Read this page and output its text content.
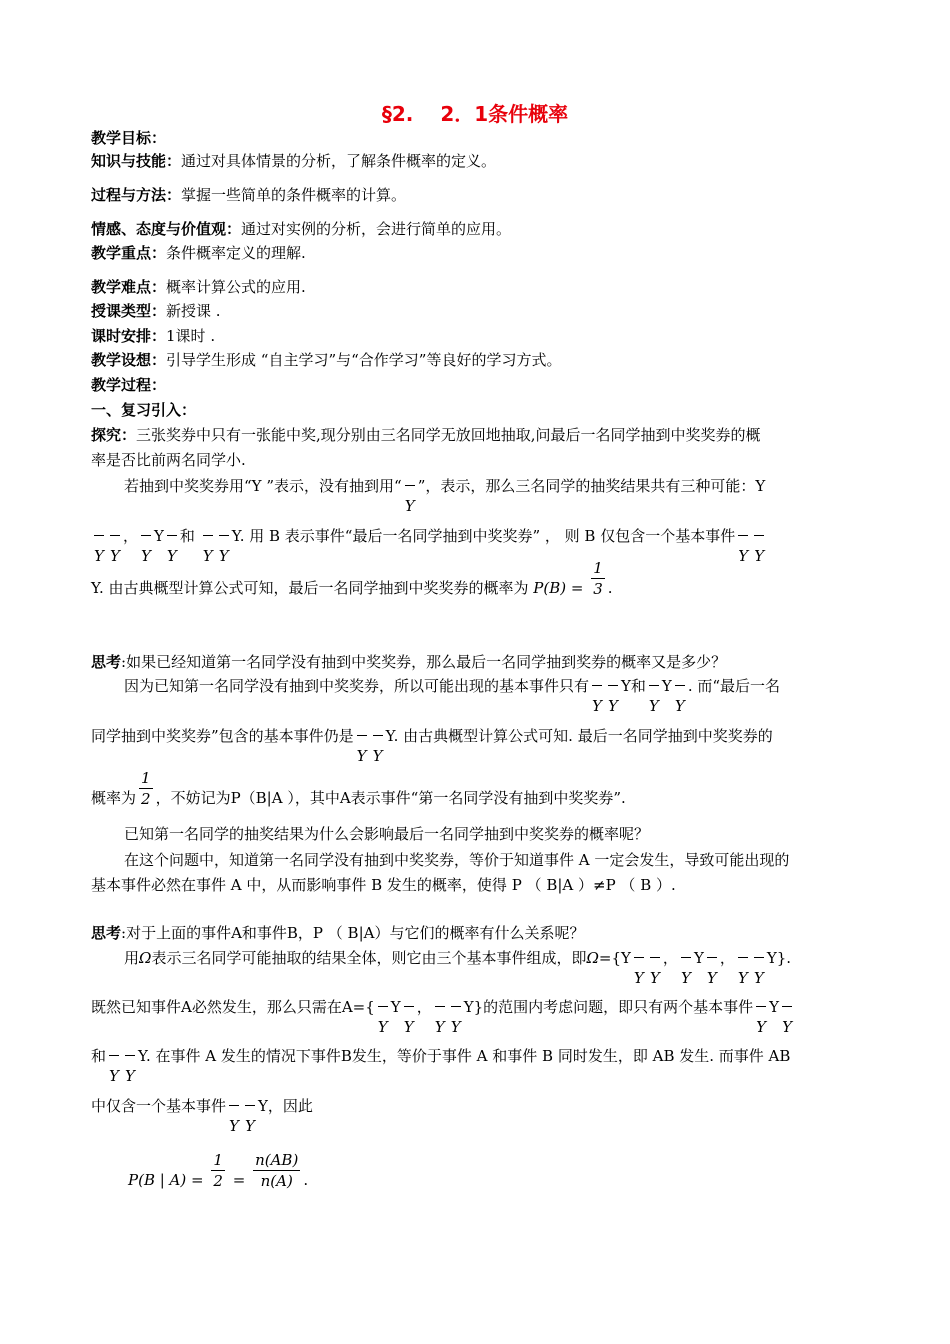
§2.　 2．1条件概率
教学目标：
知识与技能：通过对具体情景的分析，了解条件概率的定义。
过程与方法：掌握一些简单的条件概率的计算。
情感、态度与价值观：通过对实例的分析，会进行简单的应用。
教学重点：条件概率定义的理解.
教学难点：概率计算公式的应用.
授课类型：新授课 .
课时安排：1课时 .
教学设想：引导学生形成 “自主学习”与“合作学习”等良好的学习方式。
教学过程：
一、复习引入：
探究：三张奖券中只有一张能中奖,现分别由三名同学无放回地抽取,问最后一名同学抽到中奖奖券的概
率是否比前两名同学小.
若抽到中奖奖券用“Y ”表示，没有抽到用“ Y ”，表示，那么三名同学的抽奖结果共有三种可能：Y
YY， Y Y Y 和 Y Y Y. 用 B 表示事件“最后一名同学抽到中奖奖券” ， 则 B 仅包含一个基本事件YY
Y. 由古典概型计算公式可知，最后一名同学抽到中奖奖券的概率为 $P(B) = \frac{1}{3}$ .
思考:如果已经知道第一名同学没有抽到中奖奖券，那么最后一名同学抽到奖券的概率又是多少？
因为已知第一名同学没有抽到中奖奖券，所以可能出现的基本事件只有 Y Y Y和 Y Y Y . 而“最后一名
同学抽到中奖奖券”包含的基本事件仍是 Y Y Y. 由古典概型计算公式可知. 最后一名同学抽到中奖奖券的
概率为 $\frac{1}{2}$ ，不妨记为P（B|A ），其中A表示事件“第一名同学没有抽到中奖奖券”.
已知第一名同学的抽奖结果为什么会影响最后一名同学抽到中奖奖券的概率呢？
在这个问题中，知道第一名同学没有抽到中奖奖券，等价于知道事件 A 一定会发生，导致可能出现的
基本事件必然在事件 A 中，从而影响事件 B 发生的概率，使得 P （ B|A ）≠P （ B ）.
思考:对于上面的事件A和事件B，P （ B|A）与它们的概率有什么关系呢？
用Ω表示三名同学可能抽取的结果全体，则它由三个基本事件组成，即Ω={Y Y Y ， Y Y Y ， Y Y Y}.
既然已知事件A必然发生，那么只需在A={ Y Y Y ， Y Y Y}的范围内考虑问题，即只有两个基本事件 Y YY
和 Y Y Y. 在事件 A 发生的情况下事件B发生，等价于事件 A 和事件 B 同时发生，即 AB 发生. 而事件 AB
中仅含一个基本事件 Y Y Y，因此
P(B | $A) = \frac{1}{2} = \frac{n(AB)}{n(A)}$ .
